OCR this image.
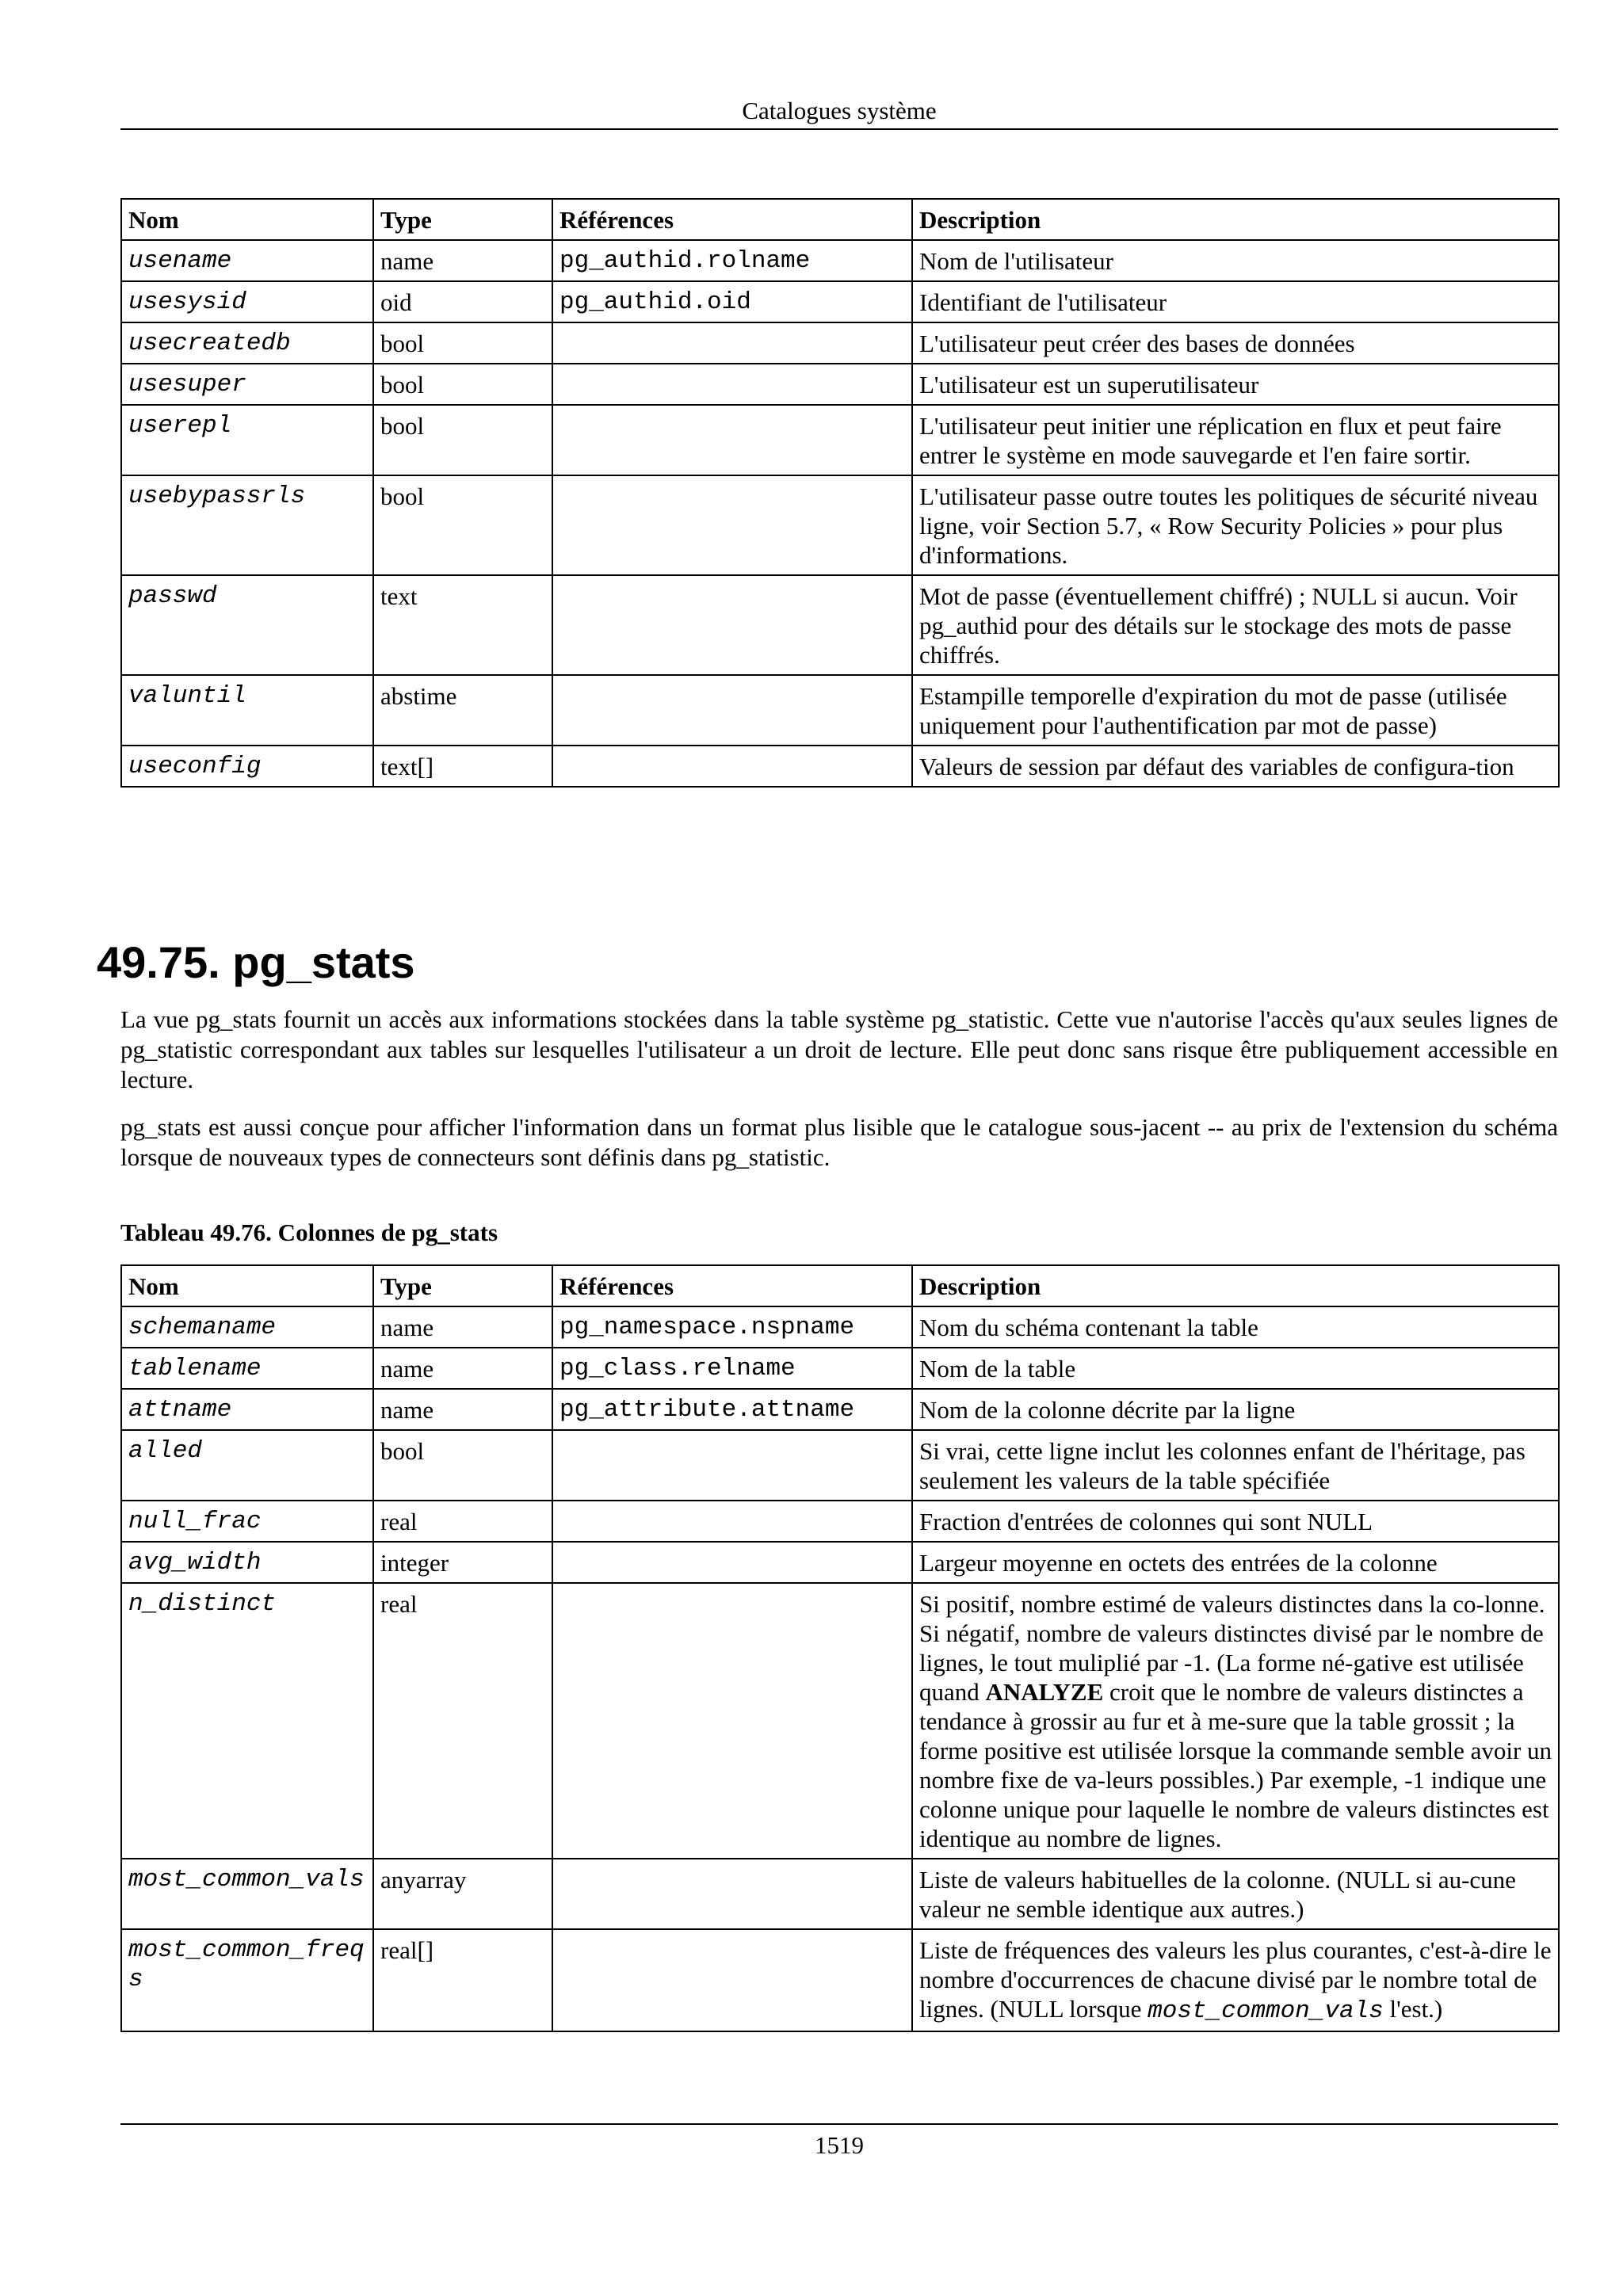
Catalogues système
Nom	Type	Références	Description
usename	name	pg_authid.rolname	Nom de l'utilisateur
usesysid	oid	pg_authid.oid	Identifiant de l'utilisateur
usecreatedb	bool		L'utilisateur peut créer des bases de données
usesuper	bool		L'utilisateur est un superutilisateur
userepl	bool		L'utilisateur peut initier une réplication en flux et peut faire entrer le système en mode sauvegarde et l'en faire sortir.
usebypassrls	bool		L'utilisateur passe outre toutes les politiques de sécurité niveau ligne, voir Section 5.7, « Row Security Policies » pour plus d'informations.
passwd	text		Mot de passe (éventuellement chiffré) ; NULL si aucun. Voir pg_authid pour des détails sur le stockage des mots de passe chiffrés.
valuntil	abstime		Estampille temporelle d'expiration du mot de passe (utilisée uniquement pour l'authentification par mot de passe)
useconfig	text[]		Valeurs de session par défaut des variables de configura-tion
49.75. pg_stats

La vue pg_stats fournit un accès aux informations stockées dans la table système pg_statistic. Cette vue n'autorise l'accès qu'aux seules lignes de pg_statistic correspondant aux tables sur lesquelles l'utilisateur a un droit de lecture. Elle peut donc sans risque être publiquement accessible en lecture.

pg_stats est aussi conçue pour afficher l'information dans un format plus lisible que le catalogue sous-jacent -- au prix de l'extension du schéma lorsque de nouveaux types de connecteurs sont définis dans pg_statistic.

Tableau 49.76. Colonnes de pg_stats

Nom	Type	Références	Description
schemaname	name	pg_namespace.nspname	Nom du schéma contenant la table
tablename	name	pg_class.relname	Nom de la table
attname	name	pg_attribute.attname	Nom de la colonne décrite par la ligne
alled	bool		Si vrai, cette ligne inclut les colonnes enfant de l'héritage, pas seulement les valeurs de la table spécifiée
null_frac	real		Fraction d'entrées de colonnes qui sont NULL
avg_width	integer		Largeur moyenne en octets des entrées de la colonne
n_distinct	real		Si positif, nombre estimé de valeurs distinctes dans la co-lonne. Si négatif, nombre de valeurs distinctes divisé par le nombre de lignes, le tout muliplié par -1. (La forme né-gative est utilisée quand ANALYZE croit que le nombre de valeurs distinctes a tendance à grossir au fur et à me-sure que la table grossit ; la forme positive est utilisée lorsque la commande semble avoir un nombre fixe de va-leurs possibles.) Par exemple, -1 indique une colonne unique pour laquelle le nombre de valeurs distinctes est identique au nombre de lignes.
most_common_vals	anyarray		Liste de valeurs habituelles de la colonne. (NULL si au-cune valeur ne semble identique aux autres.)
most_common_freqs	real[]		Liste de fréquences des valeurs les plus courantes, c'est-à-dire le nombre d'occurrences de chacune divisé par le nombre total de lignes. (NULL lorsque most_common_vals l'est.)
1519
